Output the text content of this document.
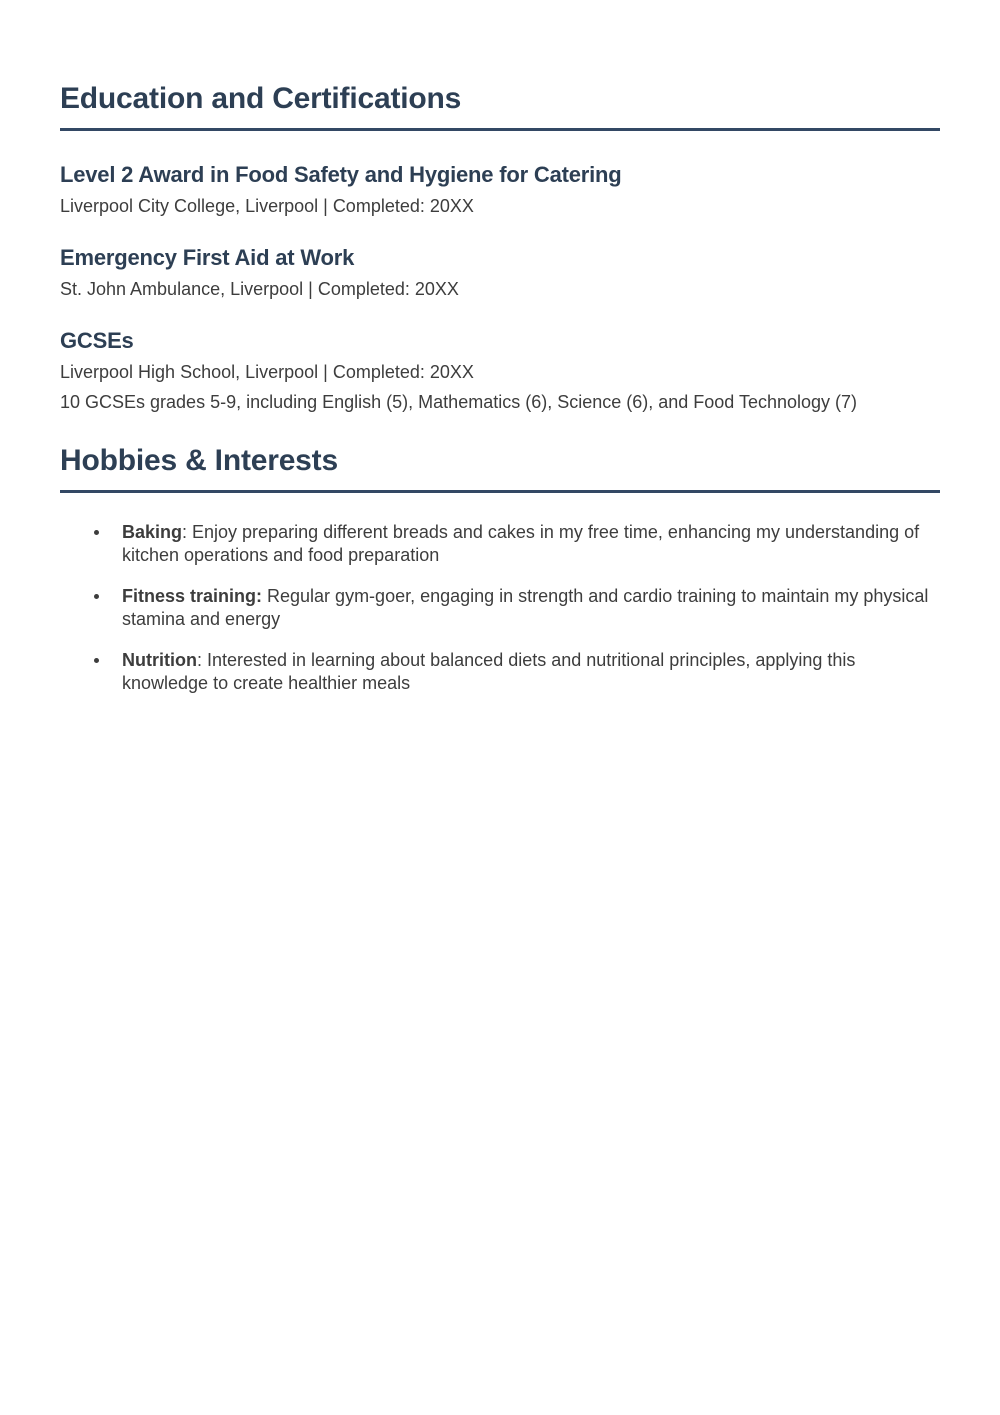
Education and Certifications
Level 2 Award in Food Safety and Hygiene for Catering

Liverpool City College, Liverpool | Completed: 20XX

Emergency First Aid at Work

St. John Ambulance, Liverpool | Completed: 20XX

GCSEs

Liverpool High School, Liverpool | Completed: 20XX

10 GCSEs grades 5-9, including English (5), Mathematics (6), Science (6), and Food Technology (7)

Hobbies & Interests
Baking: Enjoy preparing different breads and cakes in my free time, enhancing my understanding of kitchen operations and food preparation
Fitness training: Regular gym-goer, engaging in strength and cardio training to maintain my physical stamina and energy
Nutrition: Interested in learning about balanced diets and nutritional principles, applying this knowledge to create healthier meals
